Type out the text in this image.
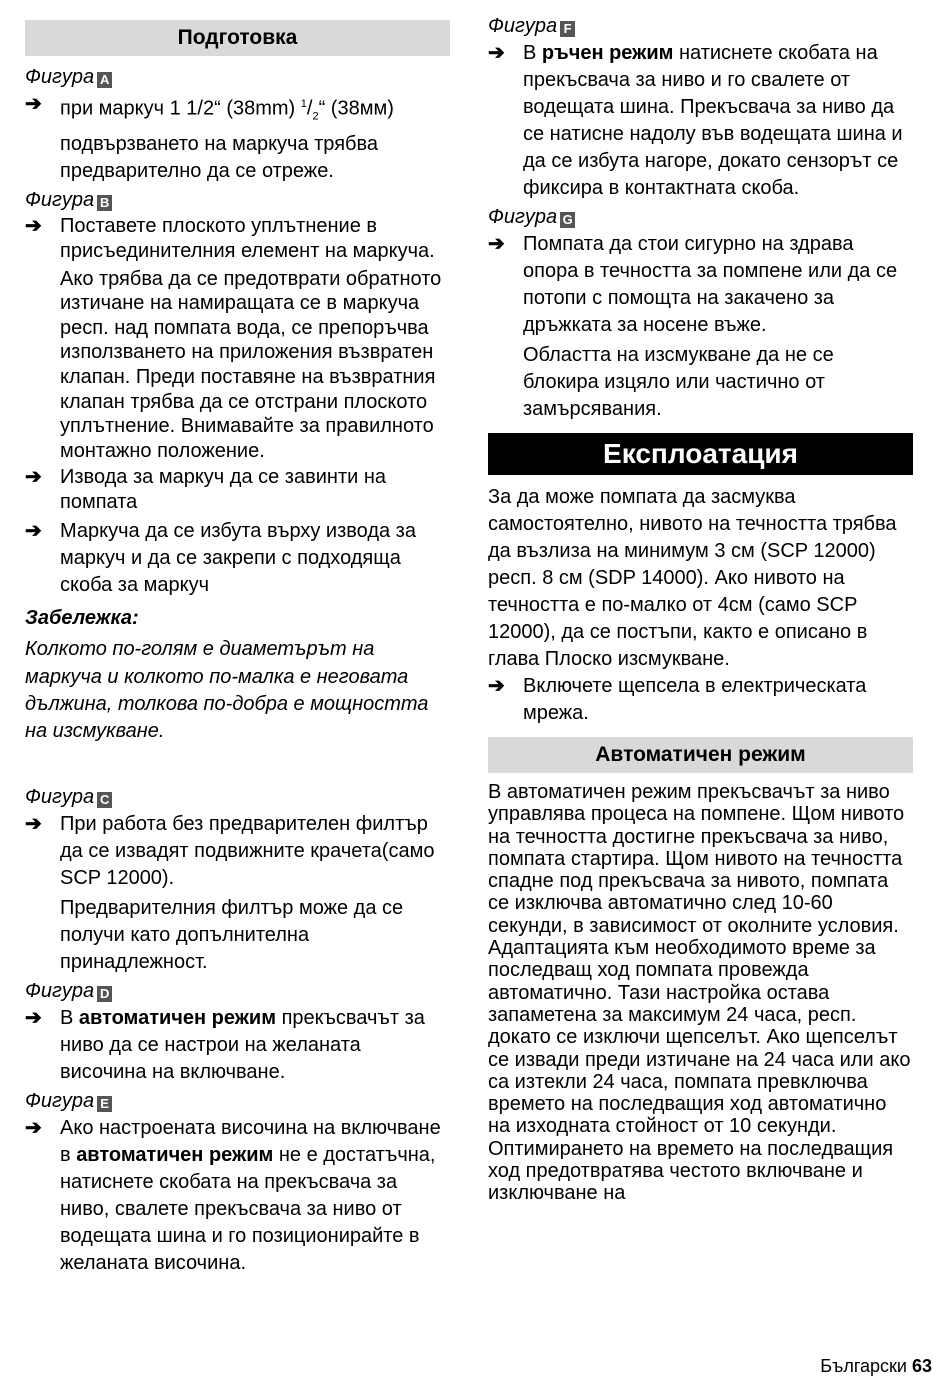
Подготовка
Фигура A
➔ при маркуч 1 1/2“ (38mm) $^1/_2“$ (38мм) подвързването на маркуча трябва предварително да се отреже.
Фигура B
➔ Поставете плоското уплътнение в присъединителния елемент на маркуча.
Ако трябва да се предотврати обратното изтичане на намиращата се в маркуча респ. над помпата вода, се препоръчва използването на приложения възвратен клапан. Преди поставяне на възвратния клапан трябва да се отстрани плоското уплътнение. Внимавайте за правилното монтажно положение.
➔ Извода за маркуч да се завинти на помпата
➔ Маркуча да се избута върху извода за маркуч и да се закрепи с подходяща скоба за маркуч
Забележка:
Колкото по-голям е диаметърът на маркуча и колкото по-малка е неговата дължина, толкова по-добра е мощността на изсмукване.
Фигура C
➔ При работа без предварителен филтър да се извадят подвижните крачета(само SCP 12000).
Предварителния филтър може да се получи като допълнителна принадлежност.
Фигура D
➔ В автоматичен режим прекъсвачът за ниво да се настрои на желаната височина на включване.
Фигура E
➔ Ако настроената височина на включване в автоматичен режим не е достатъчна, натиснете скобата на прекъсвача за ниво, свалете прекъсвача за ниво от водещата шина и го позиционирайте в желаната височина.
Фигура F
➔ В ръчен режим натиснете скобата на прекъсвача за ниво и го свалете от водещата шина. Прекъсвача за ниво да се натисне надолу във водещата шина и да се избута нагоре, докато сензорът се фиксира в контактната скоба.
Фигура G
➔ Помпата да стои сигурно на здрава опора в течността за помпене или да се потопи с помощта на закачено за дръжката за носене въже.
Областта на изсмукване да не се блокира изцяло или частично от замърсявания.
Експлоатация
За да може помпата да засмуква самостоятелно, нивото на течността трябва да възлиза на минимум 3 см (SCP 12000) респ. 8 см (SDP 14000). Ако нивото на течността е по-малко от 4см (само SCP 12000), да се постъпи, както е описано в глава Плоско изсмукване.
➔ Включете щепсела в електрическата мрежа.
Автоматичен режим
В автоматичен режим прекъсвачът за ниво управлява процеса на помпене. Щом нивото на течността достигне прекъсвача за ниво, помпата стартира. Щом нивото на течността спадне под прекъсвача за нивото, помпата се изключва автоматично след 10-60 секунди, в зависимост от околните условия. Адаптацията към необходимото време за последващ ход помпата провежда автоматично. Тази настройка остава запаметена за максимум 24 часа, респ. докато се изключи щепселът. Ако щепселът се извади преди изтичане на 24 часа или ако са изтекли 24 часа, помпата превключва времето на последващия ход автоматично на изходната стойност от 10 секунди.
Оптимирането на времето на последващия ход предотвратява честото включване и изключване на
Български 63
